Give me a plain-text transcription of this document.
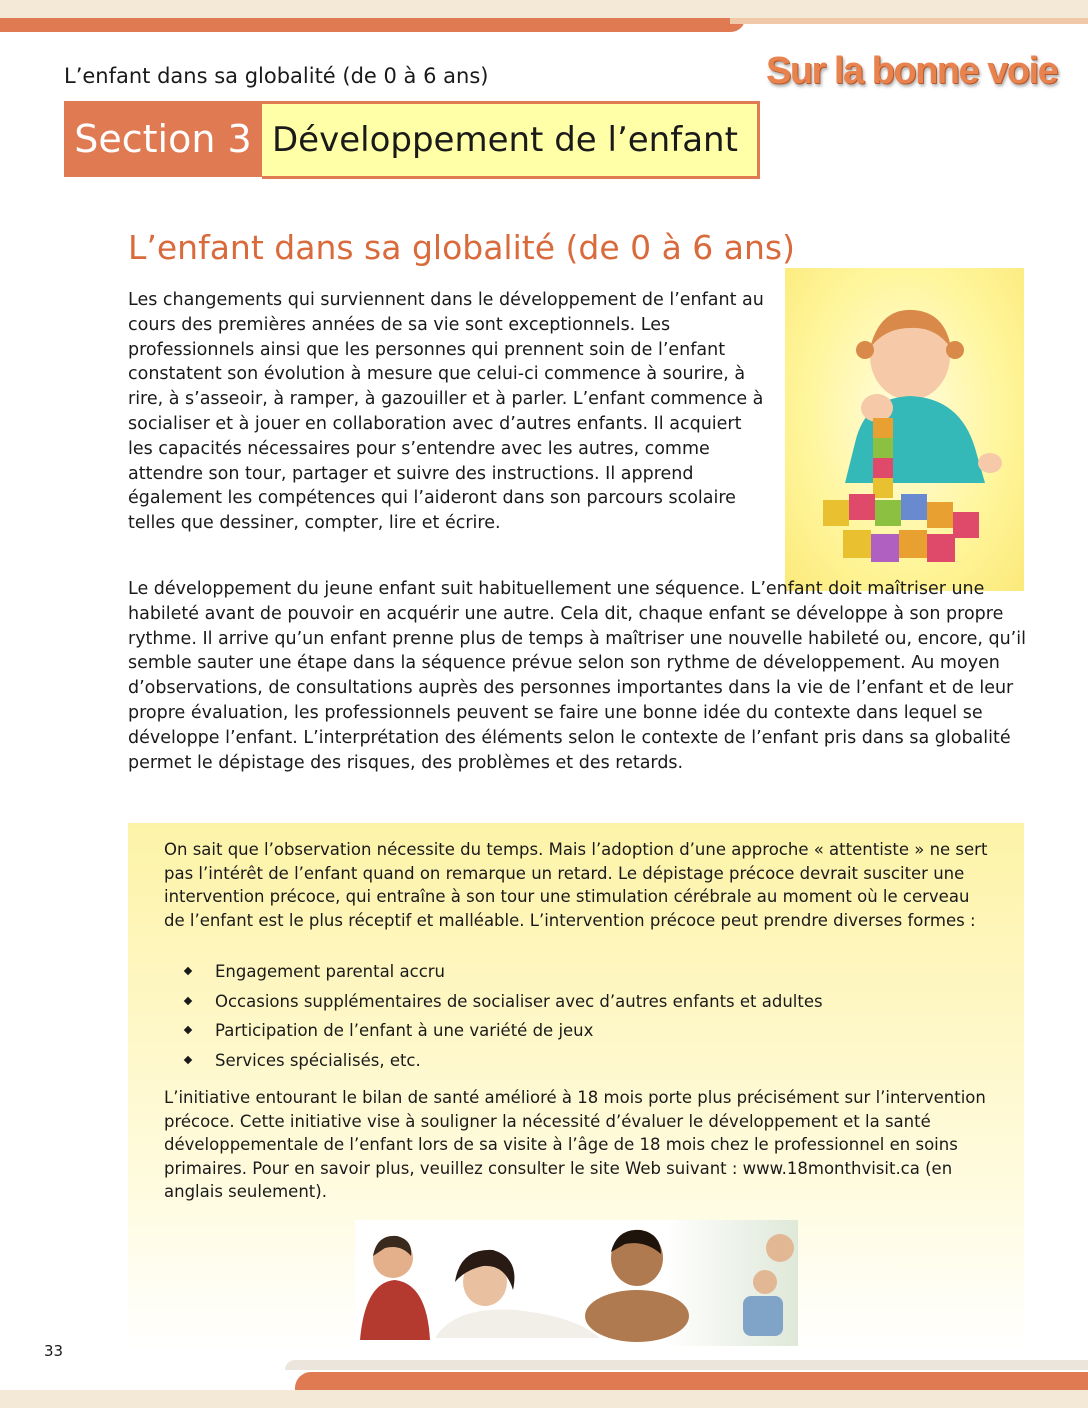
Sur la bonne voie
L’enfant dans sa globalité (de 0 à 6 ans)
Section 3 Développement de l’enfant
L’enfant dans sa globalité (de 0 à 6 ans)

Les changements qui surviennent dans le développement de l’enfant au cours des premières années de sa vie sont exceptionnels. Les professionnels ainsi que les personnes qui prennent soin de l’enfant constatent son évolution à mesure que celui-ci commence à sourire, à rire, à s’asseoir, à ramper, à gazouiller et à parler. L’enfant commence à socialiser et à jouer en collaboration avec d’autres enfants. Il acquiert les capacités nécessaires pour s’entendre avec les autres, comme attendre son tour, partager et suivre des instructions. Il apprend également les compétences qui l’aideront dans son parcours scolaire telles que dessiner, compter, lire et écrire.

Le développement du jeune enfant suit habituellement une séquence. L’enfant doit maîtriser une habileté avant de pouvoir en acquérir une autre. Cela dit, chaque enfant se développe à son propre rythme. Il arrive qu’un enfant prenne plus de temps à maîtriser une nouvelle habileté ou, encore, qu’il semble sauter une étape dans la séquence prévue selon son rythme de développement. Au moyen d’observations, de consultations auprès des personnes importantes dans la vie de l’enfant et de leur propre évaluation, les professionnels peuvent se faire une bonne idée du contexte dans lequel se développe l’enfant. L’interprétation des éléments selon le contexte de l’enfant pris dans sa globalité permet le dépistage des risques, des problèmes et des retards.

On sait que l’observation nécessite du temps. Mais l’adoption d’une approche « attentiste » ne sert pas l’intérêt de l’enfant quand on remarque un retard. Le dépistage précoce devrait susciter une intervention précoce, qui entraîne à son tour une stimulation cérébrale au moment où le cerveau de l’enfant est le plus réceptif et malléable. L’intervention précoce peut prendre diverses formes :

Engagement parental accru
Occasions supplémentaires de socialiser avec d’autres enfants et adultes
Participation de l’enfant à une variété de jeux
Services spécialisés, etc.

L’initiative entourant le bilan de santé amélioré à 18 mois porte plus précisément sur l’intervention précoce. Cette initiative vise à souligner la nécessité d’évaluer le développement et la santé développementale de l’enfant lors de sa visite à l’âge de 18 mois chez le professionnel en soins primaires. Pour en savoir plus, veuillez consulter le site Web suivant : www.18monthvisit.ca (en anglais seulement).

33
